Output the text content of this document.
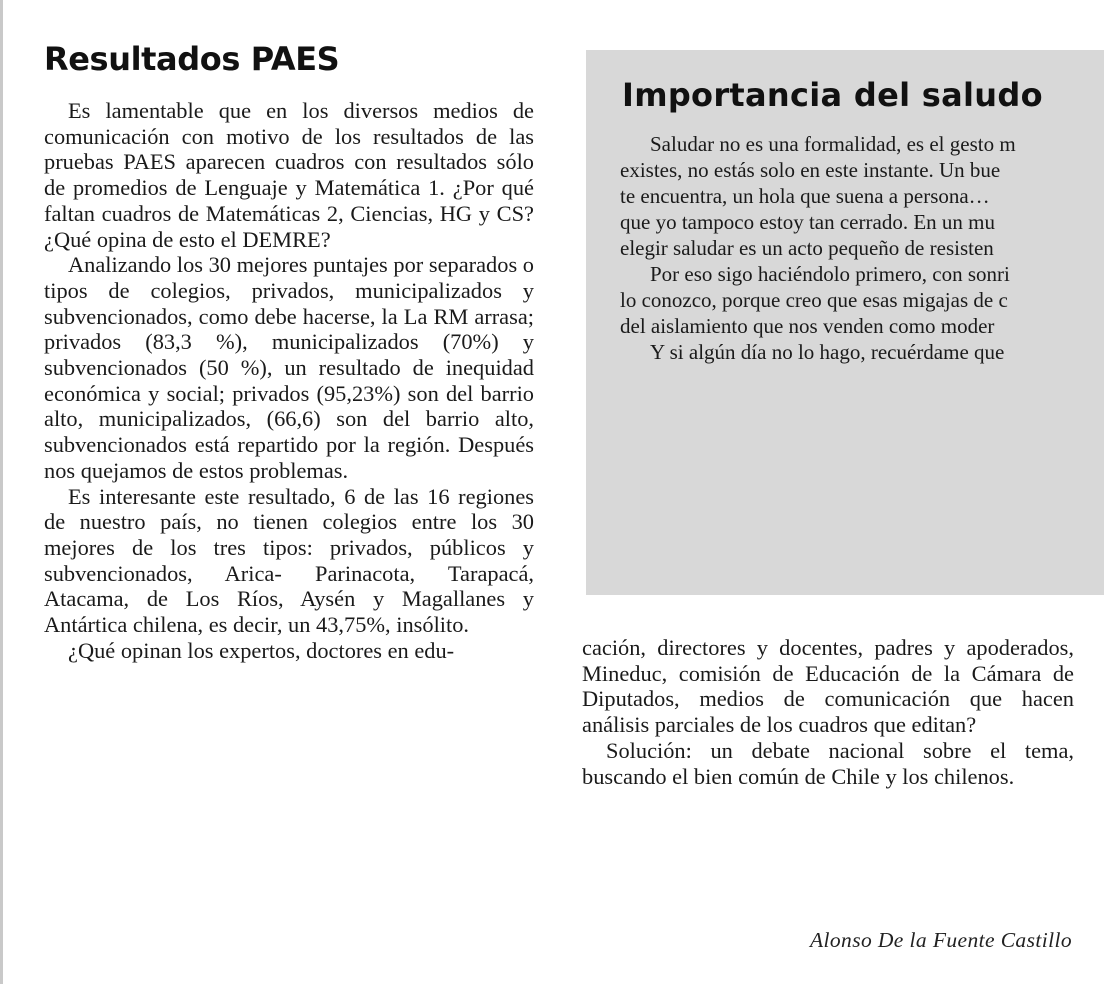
Resultados PAES

Es lamentable que en los diversos medios de comunicación con motivo de los resultados de las pruebas PAES aparecen cuadros con resultados sólo de promedios de Lenguaje y Matemática 1. ¿Por qué faltan cuadros de Matemáticas 2, Ciencias, HG y CS? ¿Qué opina de esto el DEMRE?

Analizando los 30 mejores puntajes por separados o tipos de colegios, privados, municipalizados y subvencionados, como debe hacerse, la La RM arrasa; privados (83,3 %), municipalizados (70%) y subvencionados (50 %), un resultado de inequidad económica y social; privados (95,23%) son del barrio alto, municipalizados, (66,6) son del barrio alto, subvencionados está repartido por la región. Después nos quejamos de estos problemas.

Es interesante este resultado, 6 de las 16 regiones de nuestro país, no tienen colegios entre los 30 mejores de los tres tipos: privados, públicos y subvencionados, Arica- Parinacota, Tarapacá, Atacama, de Los Ríos, Aysén y Magallanes y Antártica chilena, es decir, un 43,75%, insólito.

¿Qué opinan los expertos, doctores en edu-

Importancia del saludo

Saludar no es una formalidad, es el gesto m

existes, no estás solo en este instante. Un bue

te encuentra, un hola que suena a persona…

que yo tampoco estoy tan cerrado. En un mu

elegir saludar es un acto pequeño de resisten

Por eso sigo haciéndolo primero, con sonri

lo conozco, porque creo que esas migajas de c

del aislamiento que nos venden como moder

Y si algún día no lo hago, recuérdame que

cación, directores y docentes, padres y apoderados, Mineduc, comisión de Educación de la Cámara de Diputados, medios de comunicación que hacen análisis parciales de los cuadros que editan?

Solución: un debate nacional sobre el tema, buscando el bien común de Chile y los chilenos.

Alonso De la Fuente Castillo
